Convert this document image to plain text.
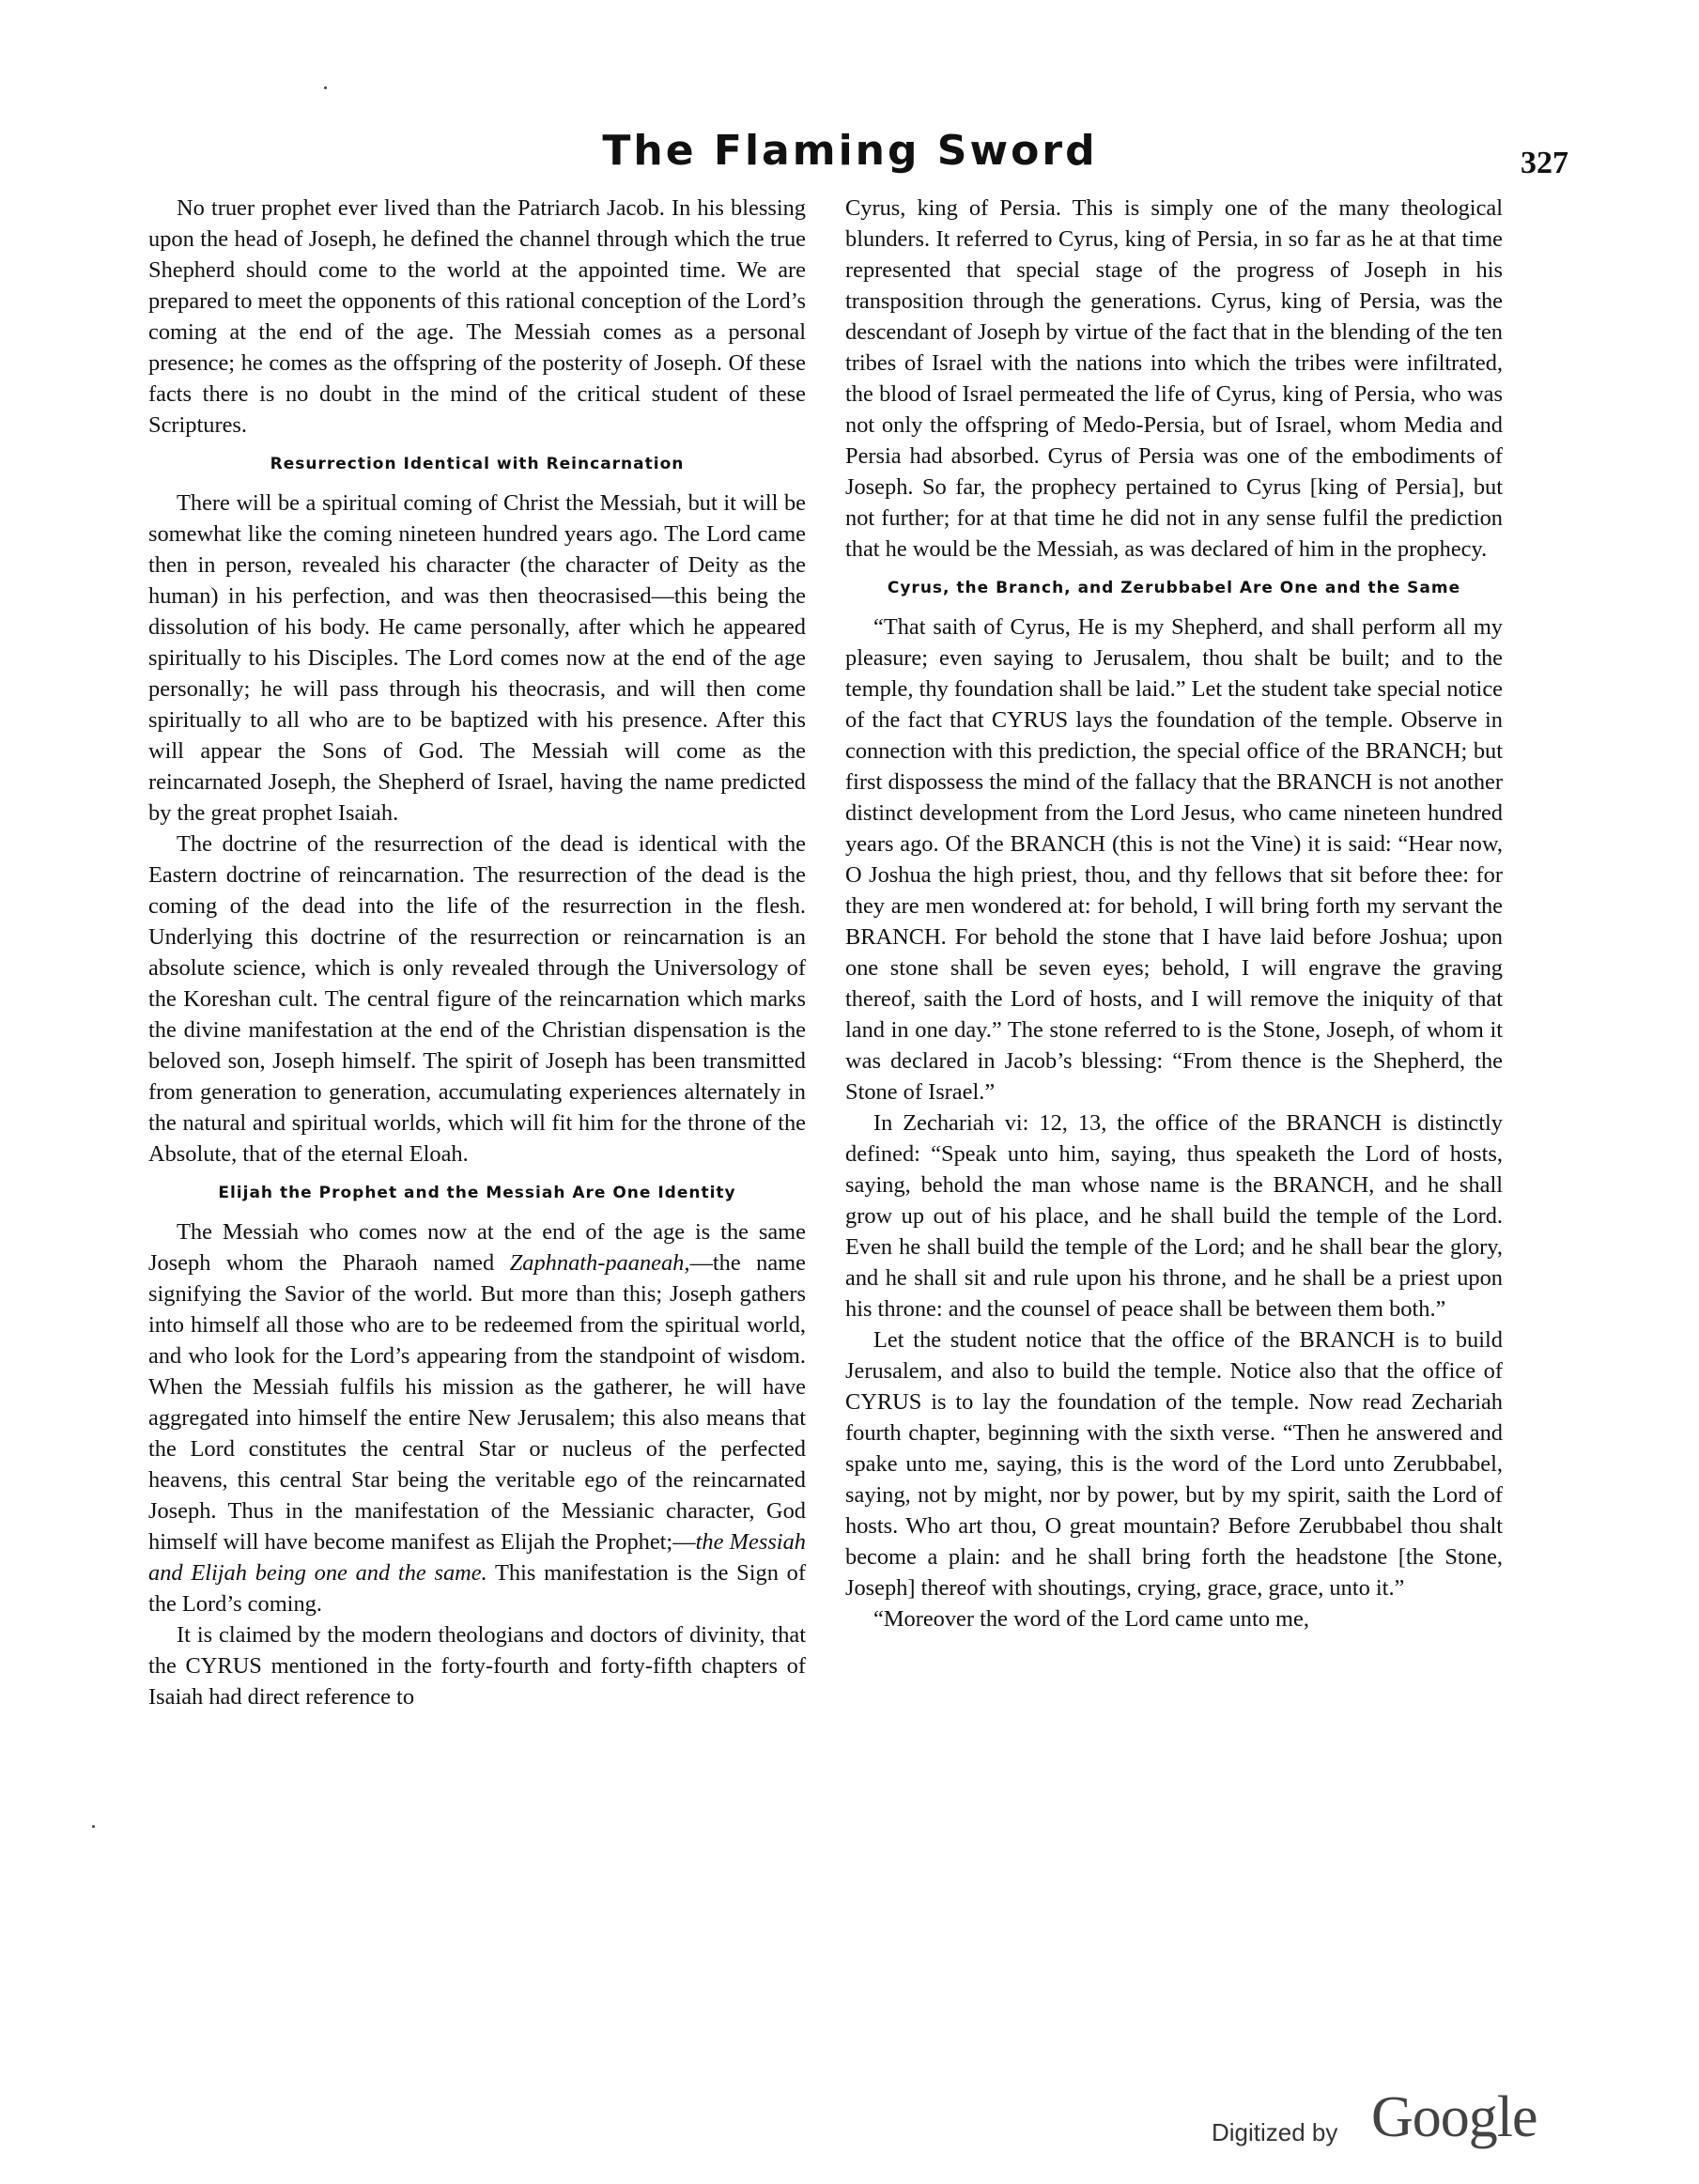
The Flaming Sword	327

No truer prophet ever lived than the Patriarch Jacob. In his blessing upon the head of Joseph, he defined the channel through which the true Shepherd should come to the world at the appointed time. We are prepared to meet the opponents of this rational conception of the Lord’s coming at the end of the age. The Messiah comes as a personal presence; he comes as the offspring of the posterity of Joseph. Of these facts there is no doubt in the mind of the critical student of these Scriptures.

Resurrection Identical with Reincarnation

There will be a spiritual coming of Christ the Messiah, but it will be somewhat like the coming nineteen hundred years ago. The Lord came then in person, revealed his character (the character of Deity as the human) in his perfection, and was then theocrasised—this being the dissolution of his body. He came personally, after which he appeared spiritually to his Disciples. The Lord comes now at the end of the age personally; he will pass through his theocrasis, and will then come spiritually to all who are to be baptized with his presence. After this will appear the Sons of God. The Messiah will come as the reincarnated Joseph, the Shepherd of Israel, having the name predicted by the great prophet Isaiah.

The doctrine of the resurrection of the dead is identical with the Eastern doctrine of reincarnation. The resurrection of the dead is the coming of the dead into the life of the resurrection in the flesh. Underlying this doctrine of the resurrection or reincarnation is an absolute science, which is only revealed through the Universology of the Koreshan cult. The central figure of the reincarnation which marks the divine manifestation at the end of the Christian dispensation is the beloved son, Joseph himself. The spirit of Joseph has been transmitted from generation to generation, accumulating experiences alternately in the natural and spiritual worlds, which will fit him for the throne of the Absolute, that of the eternal Eloah.

Elijah the Prophet and the Messiah Are One Identity

The Messiah who comes now at the end of the age is the same Joseph whom the Pharaoh named Zaphnath-paaneah,—the name signifying the Savior of the world. But more than this; Joseph gathers into himself all those who are to be redeemed from the spiritual world, and who look for the Lord’s appearing from the standpoint of wisdom. When the Messiah fulfils his mission as the gatherer, he will have aggregated into himself the entire New Jerusalem; this also means that the Lord constitutes the central Star or nucleus of the perfected heavens, this central Star being the veritable ego of the reincarnated Joseph. Thus in the manifestation of the Messianic character, God himself will have become manifest as Elijah the Prophet;—the Messiah and Elijah being one and the same. This manifestation is the Sign of the Lord’s coming.

It is claimed by the modern theologians and doctors of divinity, that the CYRUS mentioned in the forty-fourth and forty-fifth chapters of Isaiah had direct reference to

Cyrus, king of Persia. This is simply one of the many theological blunders. It referred to Cyrus, king of Persia, in so far as he at that time represented that special stage of the progress of Joseph in his transposition through the generations. Cyrus, king of Persia, was the descendant of Joseph by virtue of the fact that in the blending of the ten tribes of Israel with the nations into which the tribes were infiltrated, the blood of Israel permeated the life of Cyrus, king of Persia, who was not only the offspring of Medo-Persia, but of Israel, whom Media and Persia had absorbed. Cyrus of Persia was one of the embodiments of Joseph. So far, the prophecy pertained to Cyrus [king of Persia], but not further; for at that time he did not in any sense fulfil the prediction that he would be the Messiah, as was declared of him in the prophecy.

Cyrus, the Branch, and Zerubbabel Are One and the Same

“That saith of Cyrus, He is my Shepherd, and shall perform all my pleasure; even saying to Jerusalem, thou shalt be built; and to the temple, thy foundation shall be laid.” Let the student take special notice of the fact that CYRUS lays the foundation of the temple. Observe in connection with this prediction, the special office of the BRANCH; but first dispossess the mind of the fallacy that the BRANCH is not another distinct development from the Lord Jesus, who came nineteen hundred years ago. Of the BRANCH (this is not the Vine) it is said: “Hear now, O Joshua the high priest, thou, and thy fellows that sit before thee: for they are men wondered at: for behold, I will bring forth my servant the BRANCH. For behold the stone that I have laid before Joshua; upon one stone shall be seven eyes; behold, I will engrave the graving thereof, saith the Lord of hosts, and I will remove the iniquity of that land in one day.” The stone referred to is the Stone, Joseph, of whom it was declared in Jacob’s blessing: “From thence is the Shepherd, the Stone of Israel.”

In Zechariah vi: 12, 13, the office of the BRANCH is distinctly defined: “Speak unto him, saying, thus speaketh the Lord of hosts, saying, behold the man whose name is the BRANCH, and he shall grow up out of his place, and he shall build the temple of the Lord. Even he shall build the temple of the Lord; and he shall bear the glory, and he shall sit and rule upon his throne, and he shall be a priest upon his throne: and the counsel of peace shall be between them both.”

Let the student notice that the office of the BRANCH is to build Jerusalem, and also to build the temple. Notice also that the office of CYRUS is to lay the foundation of the temple. Now read Zechariah fourth chapter, beginning with the sixth verse. “Then he answered and spake unto me, saying, this is the word of the Lord unto Zerubbabel, saying, not by might, nor by power, but by my spirit, saith the Lord of hosts. Who art thou, O great mountain? Before Zerubbabel thou shalt become a plain: and he shall bring forth the headstone [the Stone, Joseph] thereof with shoutings, crying, grace, grace, unto it.”

“Moreover the word of the Lord came unto me,

Digitized by Google
